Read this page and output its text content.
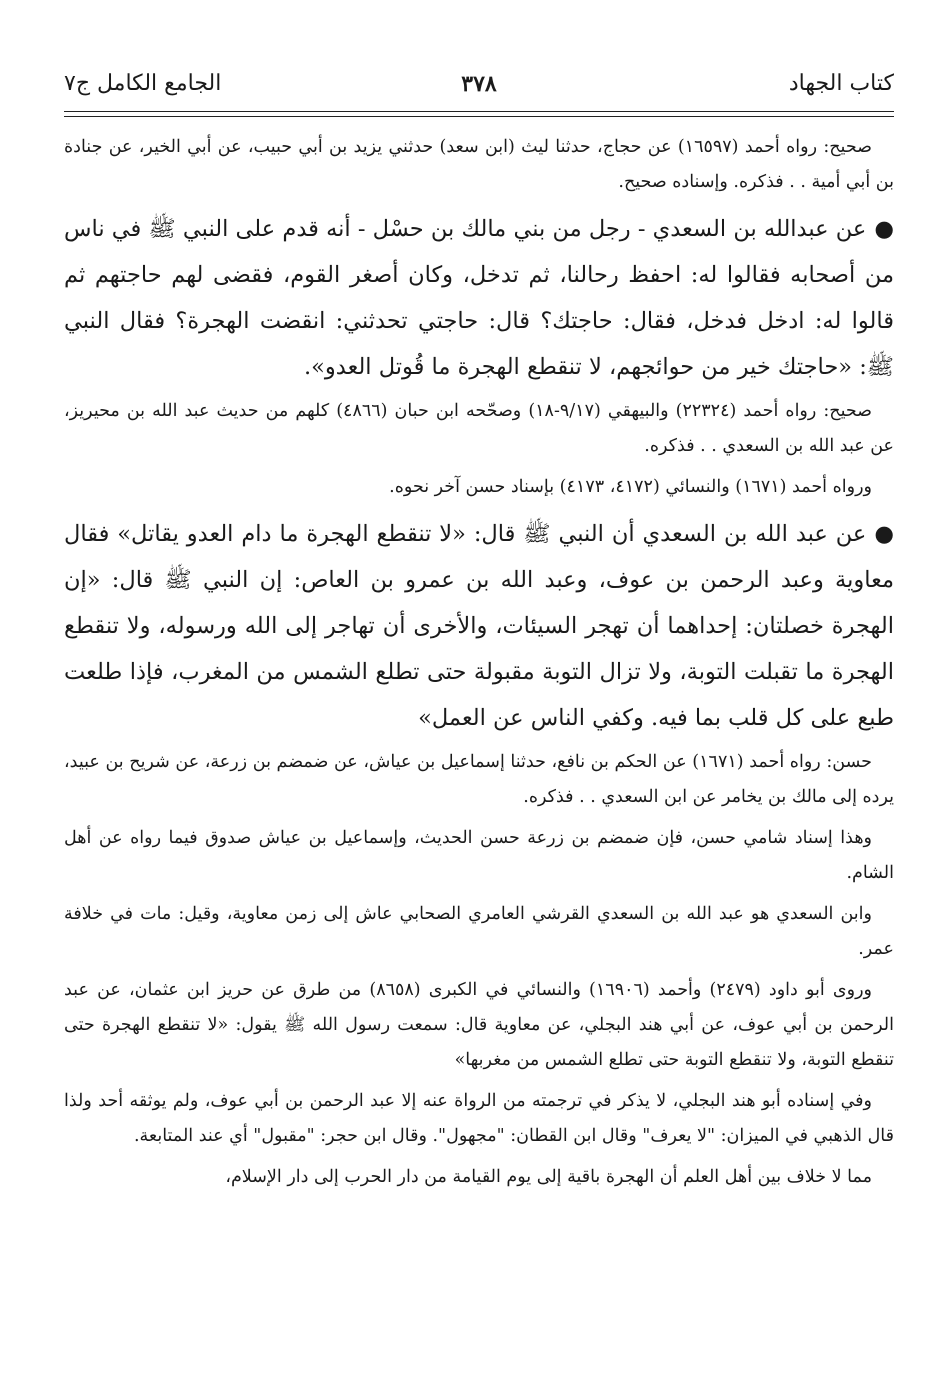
كتاب الجهاد
٣٧٨
الجامع الكامل ج٧

صحيح: رواه أحمد (١٦٥٩٧) عن حجاج، حدثنا ليث (ابن سعد) حدثني يزيد بن أبي حبيب، عن أبي الخير، عن جنادة بن أبي أمية . . فذكره. وإسناده صحيح.

●عن عبدالله بن السعدي - رجل من بني مالك بن حسْل - أنه قدم على النبي ﷺ في ناس من أصحابه فقالوا له: احفظ رحالنا، ثم تدخل، وكان أصغر القوم، فقضى لهم حاجتهم ثم قالوا له: ادخل فدخل، فقال: حاجتك؟ قال: حاجتي تحدثني: انقضت الهجرة؟ فقال النبي ﷺ: «حاجتك خير من حوائجهم، لا تنقطع الهجرة ما قُوتل العدو».

صحيح: رواه أحمد (٢٢٣٢٤) والبيهقي (٩/١٧-١٨) وصحّحه ابن حبان (٤٨٦٦) كلهم من حديث عبد الله بن محيريز، عن عبد الله بن السعدي . . فذكره.

ورواه أحمد (١٦٧١) والنسائي (٤١٧٢، ٤١٧٣) بإسناد حسن آخر نحوه.

●عن عبد الله بن السعدي أن النبي ﷺ قال: «لا تنقطع الهجرة ما دام العدو يقاتل» فقال معاوية وعبد الرحمن بن عوف، وعبد الله بن عمرو بن العاص: إن النبي ﷺ قال: «إن الهجرة خصلتان: إحداهما أن تهجر السيئات، والأخرى أن تهاجر إلى الله ورسوله، ولا تنقطع الهجرة ما تقبلت التوبة، ولا تزال التوبة مقبولة حتى تطلع الشمس من المغرب، فإذا طلعت طبع على كل قلب بما فيه. وكفي الناس عن العمل»

حسن: رواه أحمد (١٦٧١) عن الحكم بن نافع، حدثنا إسماعيل بن عياش، عن ضمضم بن زرعة، عن شريح بن عبيد، يرده إلى مالك بن يخامر عن ابن السعدي . . فذكره.

وهذا إسناد شامي حسن، فإن ضمضم بن زرعة حسن الحديث، وإسماعيل بن عياش صدوق فيما رواه عن أهل الشام.

وابن السعدي هو عبد الله بن السعدي القرشي العامري الصحابي عاش إلى زمن معاوية، وقيل: مات في خلافة عمر.

وروى أبو داود (٢٤٧٩) وأحمد (١٦٩٠٦) والنسائي في الكبرى (٨٦٥٨) من طرق عن حريز ابن عثمان، عن عبد الرحمن بن أبي عوف، عن أبي هند البجلي، عن معاوية قال: سمعت رسول الله ﷺ يقول: «لا تنقطع الهجرة حتى تنقطع التوبة، ولا تنقطع التوبة حتى تطلع الشمس من مغربها»

وفي إسناده أبو هند البجلي، لا يذكر في ترجمته من الرواة عنه إلا عبد الرحمن بن أبي عوف، ولم يوثقه أحد ولذا قال الذهبي في الميزان: "لا يعرف" وقال ابن القطان: "مجهول". وقال ابن حجر: "مقبول" أي عند المتابعة.

مما لا خلاف بين أهل العلم أن الهجرة باقية إلى يوم القيامة من دار الحرب إلى دار الإسلام،
